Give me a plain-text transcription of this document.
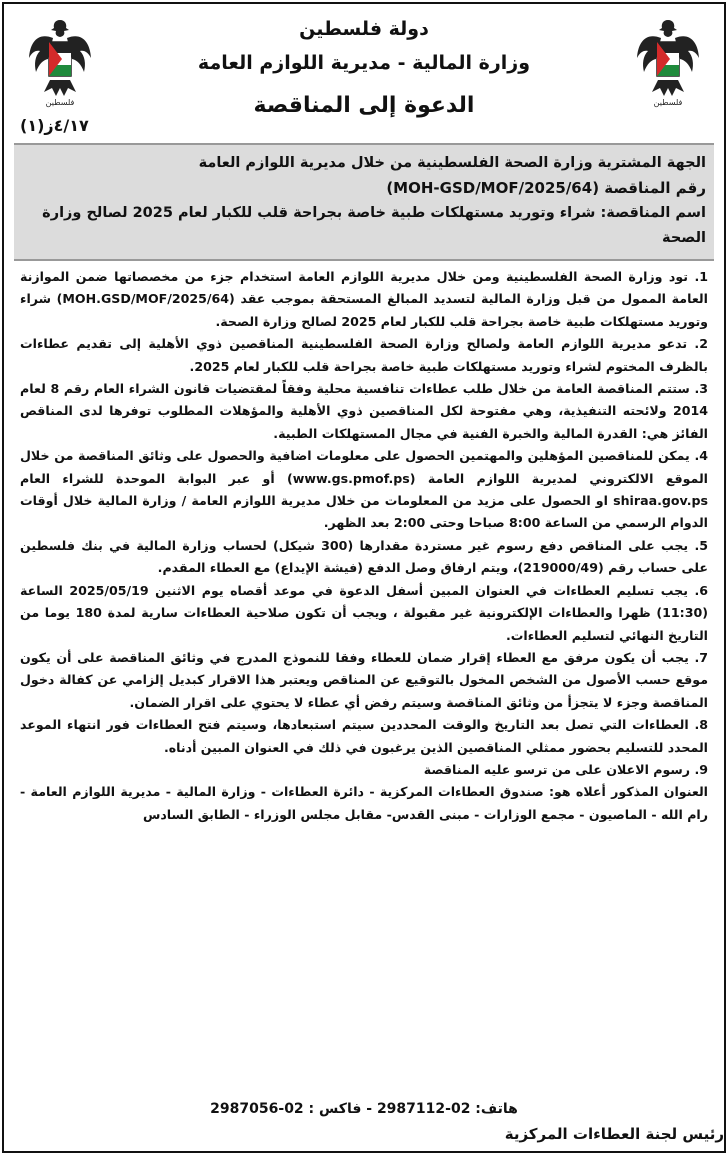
فلسطين	فلسطين
دولة فلسطين
وزارة المالية - مديرية اللوازم العامة
الدعوة إلى المناقصة
(١)٤/١٧ز
الجهة المشترية وزارة الصحة الفلسطينية من خلال مديرية اللوازم العامة
رقم المناقصة (MOH-GSD/MOF/2025/64)
اسم المناقصة: شراء وتوريد مستهلكات طبية خاصة بجراحة قلب للكبار لعام 2025 لصالح وزارة الصحة

1. تود وزارة الصحة الفلسطينية ومن خلال مديرية اللوازم العامة استخدام جزء من مخصصاتها ضمن الموازنة العامة الممول من قبل وزارة المالية لتسديد المبالغ المستحقة بموجب عقد (MOH.GSD/MOF/2025/64) شراء وتوريد مستهلكات طبية خاصة بجراحة قلب للكبار لعام 2025 لصالح وزارة الصحة.

2. تدعو مديرية اللوازم العامة ولصالح وزارة الصحة الفلسطينية المناقصين ذوي الأهلية إلى تقديم عطاءات بالظرف المختوم لشراء وتوريد مستهلكات طبية خاصة بجراحة قلب للكبار لعام 2025.

3. ستتم المناقصة العامة من خلال طلب عطاءات تنافسية محلية وفقاً لمقتضيات قانون الشراء العام رقم 8 لعام 2014 ولائحته التنفيذية، وهي مفتوحة لكل المناقصين ذوي الأهلية والمؤهلات المطلوب توفرها لدى المناقص الفائز هي: القدرة المالية والخبرة الفنية في مجال المستهلكات الطبية.

4. يمكن للمناقصين المؤهلين والمهتمين الحصول على معلومات اضافية والحصول على وثائق المناقصة من خلال الموقع الالكتروني لمديرية اللوازم العامة (www.gs.pmof.ps) أو عبر البوابة الموحدة للشراء العام shiraa.gov.ps او الحصول على مزيد من المعلومات من خلال مديرية اللوازم العامة / وزارة المالية خلال أوقات الدوام الرسمي من الساعة 8:00 صباحا وحتى 2:00 بعد الظهر.

5. يجب على المناقص دفع رسوم غير مستردة مقدارها (300 شيكل) لحساب وزارة المالية في بنك فلسطين على حساب رقم (219000/49)، ويتم ارفاق وصل الدفع (فيشة الإيداع) مع العطاء المقدم.

6. يجب تسليم العطاءات في العنوان المبين أسفل الدعوة في موعد أقصاه يوم الاثنين 2025/05/19 الساعة (11:30) ظهرا والعطاءات الإلكترونية غير مقبولة ، ويجب أن تكون صلاحية العطاءات سارية لمدة 180 يوما من التاريخ النهائي لتسليم العطاءات.

7. يجب أن يكون مرفق مع العطاء إقرار ضمان للعطاء وفقا للنموذج المدرج في وثائق المناقصة على أن يكون موقع حسب الأصول من الشخص المخول بالتوقيع عن المناقص ويعتبر هذا الاقرار كبديل إلزامي عن كفالة دخول المناقصة وجزء لا يتجزأ من وثائق المناقصة وسيتم رفض أي عطاء لا يحتوي على اقرار الضمان.

8. العطاءات التي تصل بعد التاريخ والوقت المحددين سيتم استبعادها، وسيتم فتح العطاءات فور انتهاء الموعد المحدد للتسليم بحضور ممثلي المناقصين الذين يرغبون في ذلك في العنوان المبين أدناه.

9. رسوم الاعلان على من ترسو عليه المناقصة

العنوان المذكور أعلاه هو: صندوق العطاءات المركزية - دائرة العطاءات - وزارة المالية - مديرية اللوازم العامة - رام الله - الماصيون - مجمع الوزارات - مبنى القدس- مقابل مجلس الوزراء - الطابق السادس

هاتف: 02-2987112 - فاكس : 02-2987056
رئيس لجنة العطاءات المركزية
